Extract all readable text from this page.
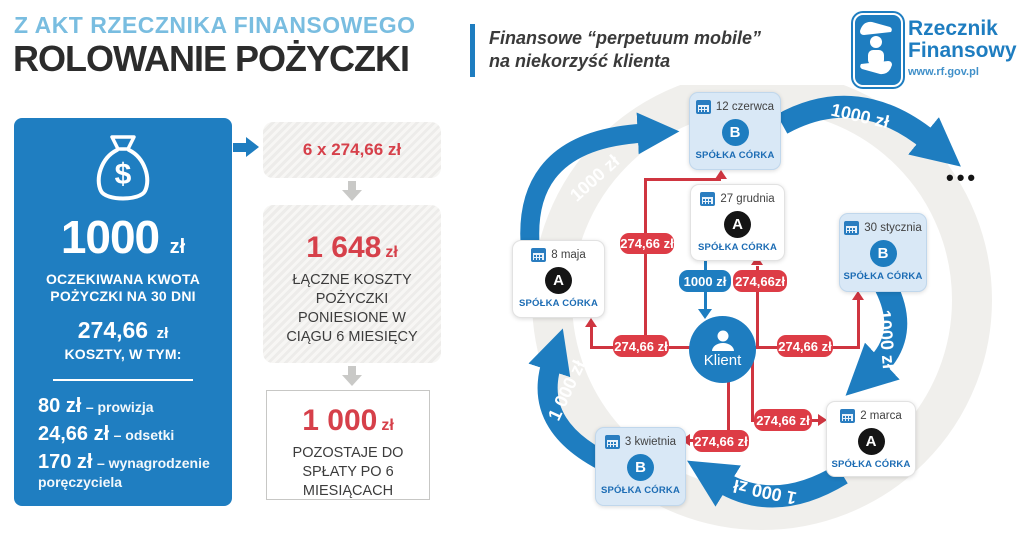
Z AKT RZECZNIKA FINANSOWEGO
ROLOWANIE POŻYCZKI	Finansowe “perpetuum mobile”
na niekorzyść klienta
Rzecznik
Finansowy
www.rf.gov.pl
$
1000 zł
OCZEKIWANA KWOTA
POŻYCZKI NA 30 DNI
274,66 zł
KOSZTY, W TYM:
80 zł – prowizja
24,66 zł – odsetki
170 zł – wynagrodzenie poręczyciela
6 x 274,66 zł
1 648 zł
ŁĄCZNE KOSZTY POŻYCZKI PONIESIONE W CIĄGU 6 MIESIĘCY
1 000 zł
POZOSTAJE DO SPŁATY PO 6 MIESIĄCACH
1000 zł
1000 zł
1000 zł
1 000 zł
1 000 zł
•••
12 czerwca
B
SPÓŁKA CÓRKA
27 grudnia
A
SPÓŁKA CÓRKA
30 stycznia
B
SPÓŁKA CÓRKA
8 maja
A
SPÓŁKA CÓRKA
2 marca
A
SPÓŁKA CÓRKA
3 kwietnia
B
SPÓŁKA CÓRKA
Klient
274,66 zł
1000 zł 274,66zł
274,66 zł	274,66 zł
274,66 zł
274,66 zł
